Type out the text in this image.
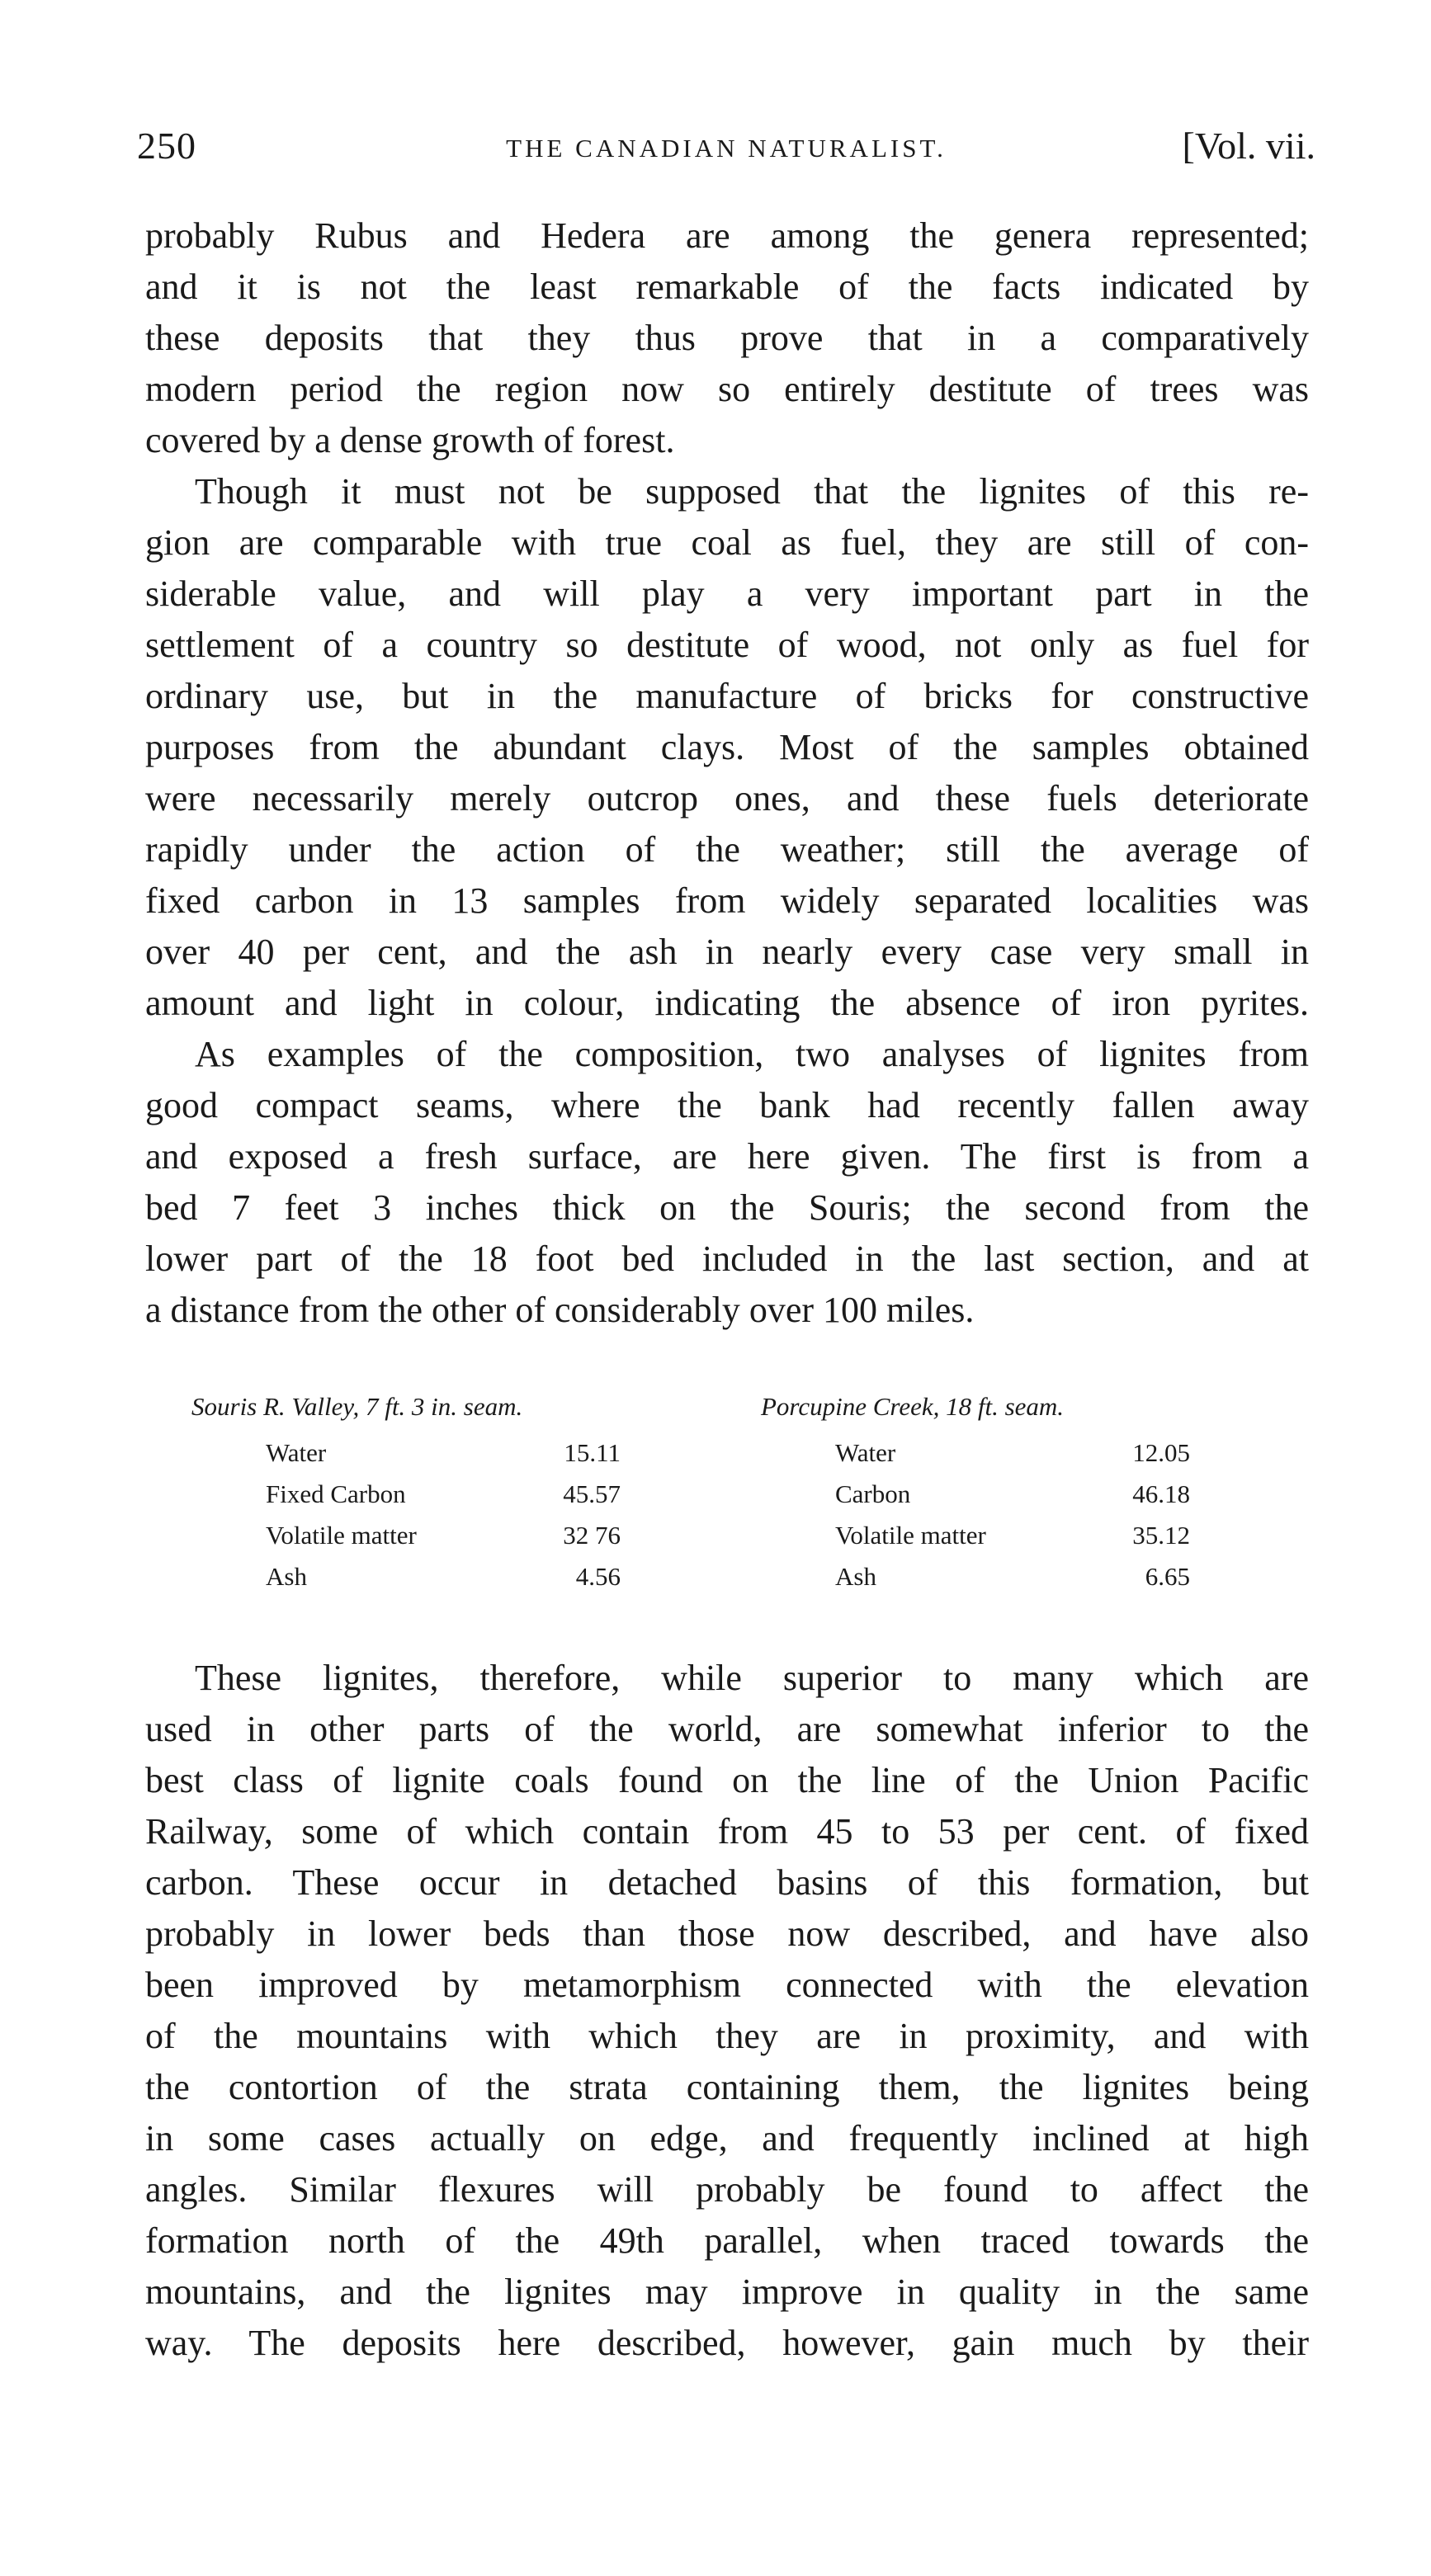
250	THE CANADIAN NATURALIST.	[Vol. vii.
probably Rubus and Hedera are among the genera represented;
and it is not the least remarkable of the facts indicated by
these deposits that they thus prove that in a comparatively
modern period the region now so entirely destitute of trees was
covered by a dense growth of forest.
Though it must not be supposed that the lignites of this re-
gion are comparable with true coal as fuel, they are still of con-
siderable value, and will play a very important part in the
settlement of a country so destitute of wood, not only as fuel for
ordinary use, but in the manufacture of bricks for constructive
purposes from the abundant clays. Most of the samples obtained
were necessarily merely outcrop ones, and these fuels deteriorate
rapidly under the action of the weather; still the average of
fixed carbon in 13 samples from widely separated localities was
over 40 per cent, and the ash in nearly every case very small in
amount and light in colour, indicating the absence of iron pyrites.
As examples of the composition, two analyses of lignites from
good compact seams, where the bank had recently fallen away
and exposed a fresh surface, are here given. The first is from a
bed 7 feet 3 inches thick on the Souris; the second from the
lower part of the 18 foot bed included in the last section, and at
a distance from the other of considerably over 100 miles.
Souris R. Valley, 7 ft. 3 in. seam.
Water	15.11
Fixed Carbon	45.57
Volatile matter	32 76
Ash	4.56
Porcupine Creek, 18 ft. seam.
Water	12.05
Carbon	46.18
Volatile matter	35.12
Ash	6.65
These lignites, therefore, while superior to many which are
used in other parts of the world, are somewhat inferior to the
best class of lignite coals found on the line of the Union Pacific
Railway, some of which contain from 45 to 53 per cent. of fixed
carbon. These occur in detached basins of this formation, but
probably in lower beds than those now described, and have also
been improved by metamorphism connected with the elevation
of the mountains with which they are in proximity, and with
the contortion of the strata containing them, the lignites being
in some cases actually on edge, and frequently inclined at high
angles. Similar flexures will probably be found to affect the
formation north of the 49th parallel, when traced towards the
mountains, and the lignites may improve in quality in the same
way. The deposits here described, however, gain much by their
